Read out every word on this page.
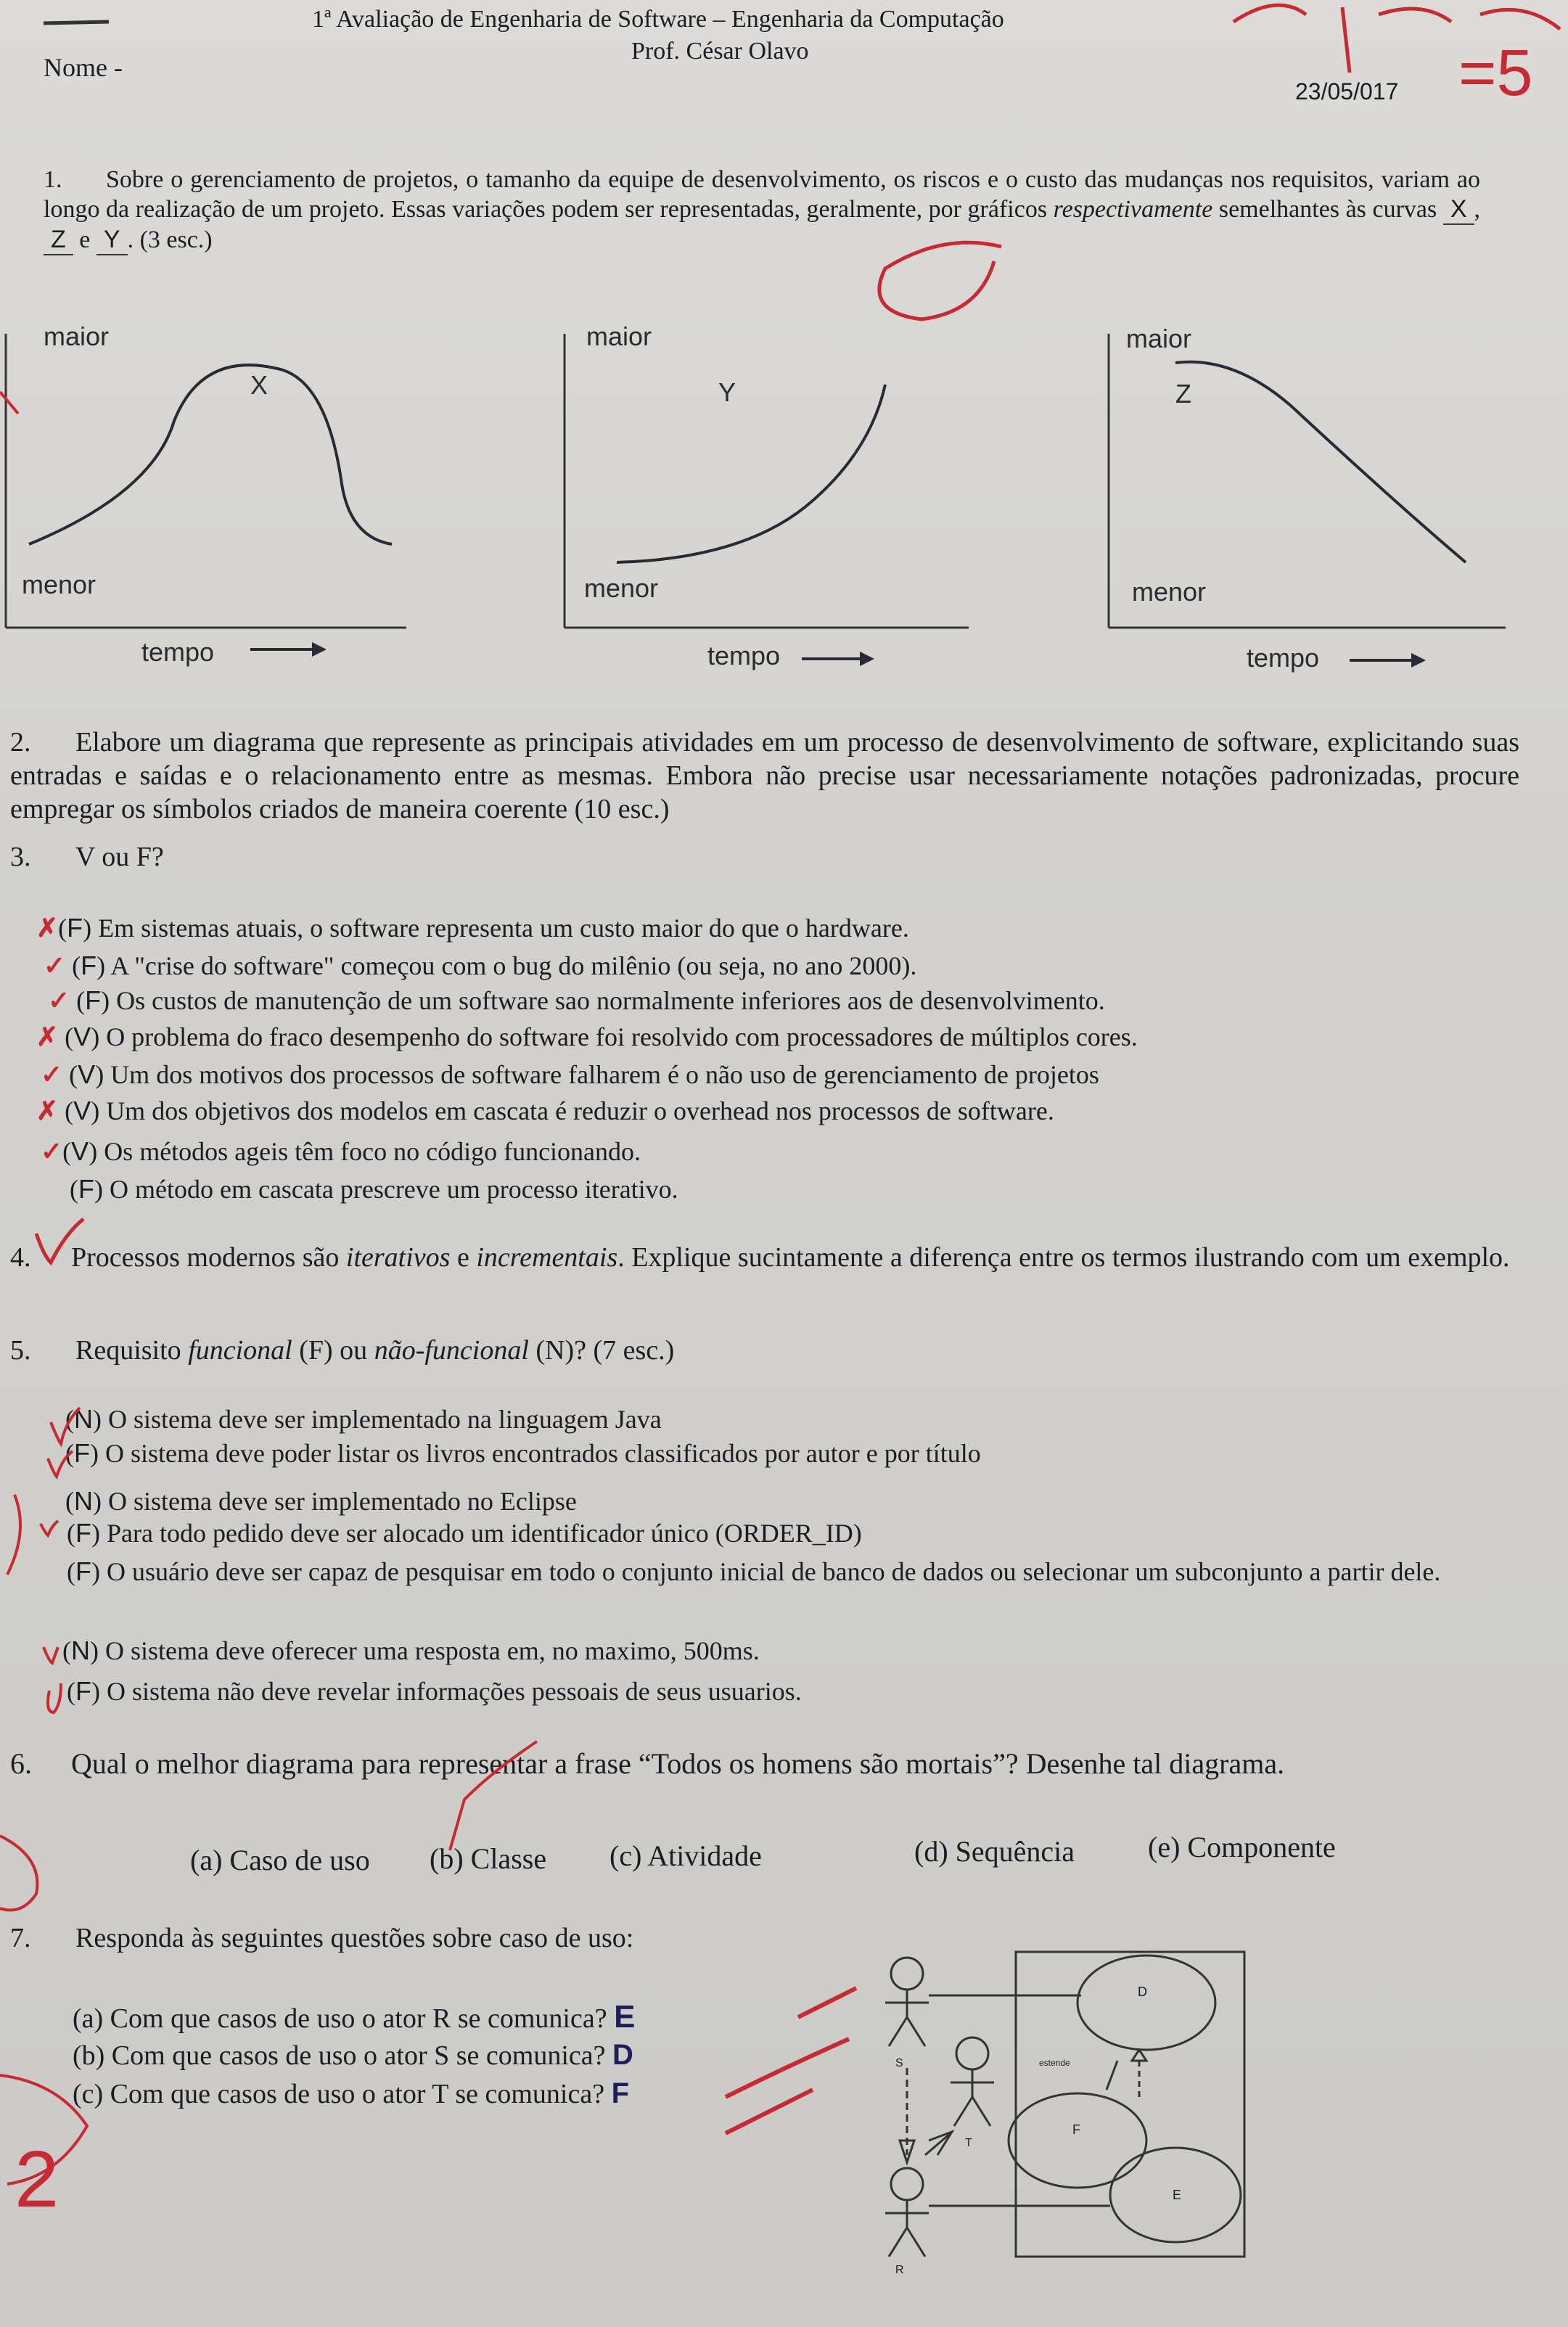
1ª Avaliação de Engenharia de Software – Engenharia da Computação
Prof. César Olavo
Nome -
23/05/017 =5
1. Sobre o gerenciamento de projetos, o tamanho da equipe de desenvolvimento, os riscos e o custo das mudanças nos requisitos, variam ao longo da realização de um projeto. Essas variações podem ser representadas, geralmente, por gráficos respectivamente semelhantes às curvas X , Z e Y . (3 esc.)
maior
X
menor
tempo
maior
Y
menor
tempo
maior
Z
menor
tempo
2. Elabore um diagrama que represente as principais atividades em um processo de desenvolvimento de software, explicitando suas entradas e saídas e o relacionamento entre as mesmas. Embora não precise usar necessariamente notações padronizadas, procure empregar os símbolos criados de maneira coerente (10 esc.)
3. V ou F?
✗(F) Em sistemas atuais, o software representa um custo maior do que o hardware.
✓ (F) A "crise do software" começou com o bug do milênio (ou seja, no ano 2000).
✓ (F) Os custos de manutenção de um software sao normalmente inferiores aos de desenvolvimento.
✗ (V) O problema do fraco desempenho do software foi resolvido com processadores de múltiplos cores.
✓ (V) Um dos motivos dos processos de software falharem é o não uso de gerenciamento de projetos
✗ (V) Um dos objetivos dos modelos em cascata é reduzir o overhead nos processos de software.
✓(V) Os métodos ageis têm foco no código funcionando.
(F) O método em cascata prescreve um processo iterativo.
4. Processos modernos são iterativos e incrementais. Explique sucintamente a diferença entre os termos ilustrando com um exemplo.
5. Requisito funcional (F) ou não-funcional (N)? (7 esc.)
(N) O sistema deve ser implementado na linguagem Java
(F) O sistema deve poder listar os livros encontrados classificados por autor e por título
(N) O sistema deve ser implementado no Eclipse
(F) Para todo pedido deve ser alocado um identificador único (ORDER_ID)
(F) O usuário deve ser capaz de pesquisar em todo o conjunto inicial de banco de dados ou selecionar um subconjunto a partir dele.
(N) O sistema deve oferecer uma resposta em, no maximo, 500ms.
(F) O sistema não deve revelar informações pessoais de seus usuarios.
6. Qual o melhor diagrama para representar a frase “Todos os homens são mortais”? Desenhe tal diagrama.
(a) Caso de uso (b) Classe (c) Atividade	(d) Sequência	(e) Componente
7. Responda às seguintes questões sobre caso de uso:
(a) Com que casos de uso o ator R se comunica? E
(b) Com que casos de uso o ator S se comunica? D
(c) Com que casos de uso o ator T se comunica? F
2
D
F
E
S
T
R
estende
